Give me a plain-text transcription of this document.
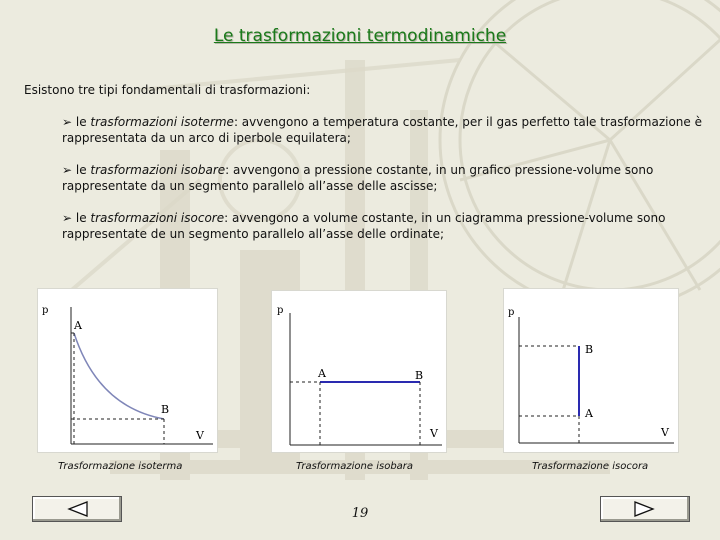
Le trasformazioni termodinamiche
Esistono tre tipi fondamentali di trasformazioni:
➢ le trasformazioni isoterme: avvengono a temperatura costante, per il gas perfetto tale trasformazione è rappresentata da un arco di iperbole equilatera;
➢ le trasformazioni isobare: avvengono a pressione costante, in un grafico pressione-volume sono rappresentate da un segmento parallelo all’asse delle ascisse;
➢ le trasformazioni isocore: avvengono a volume costante, in un ciagramma pressione-volume sono rappresentate de un segmento parallelo all’asse delle ordinate;
p
V
A
B
Trasformazione isoterma
p
V
A	B
Trasformazione isobara
p
V
B
A
Trasformazione isocora
19
